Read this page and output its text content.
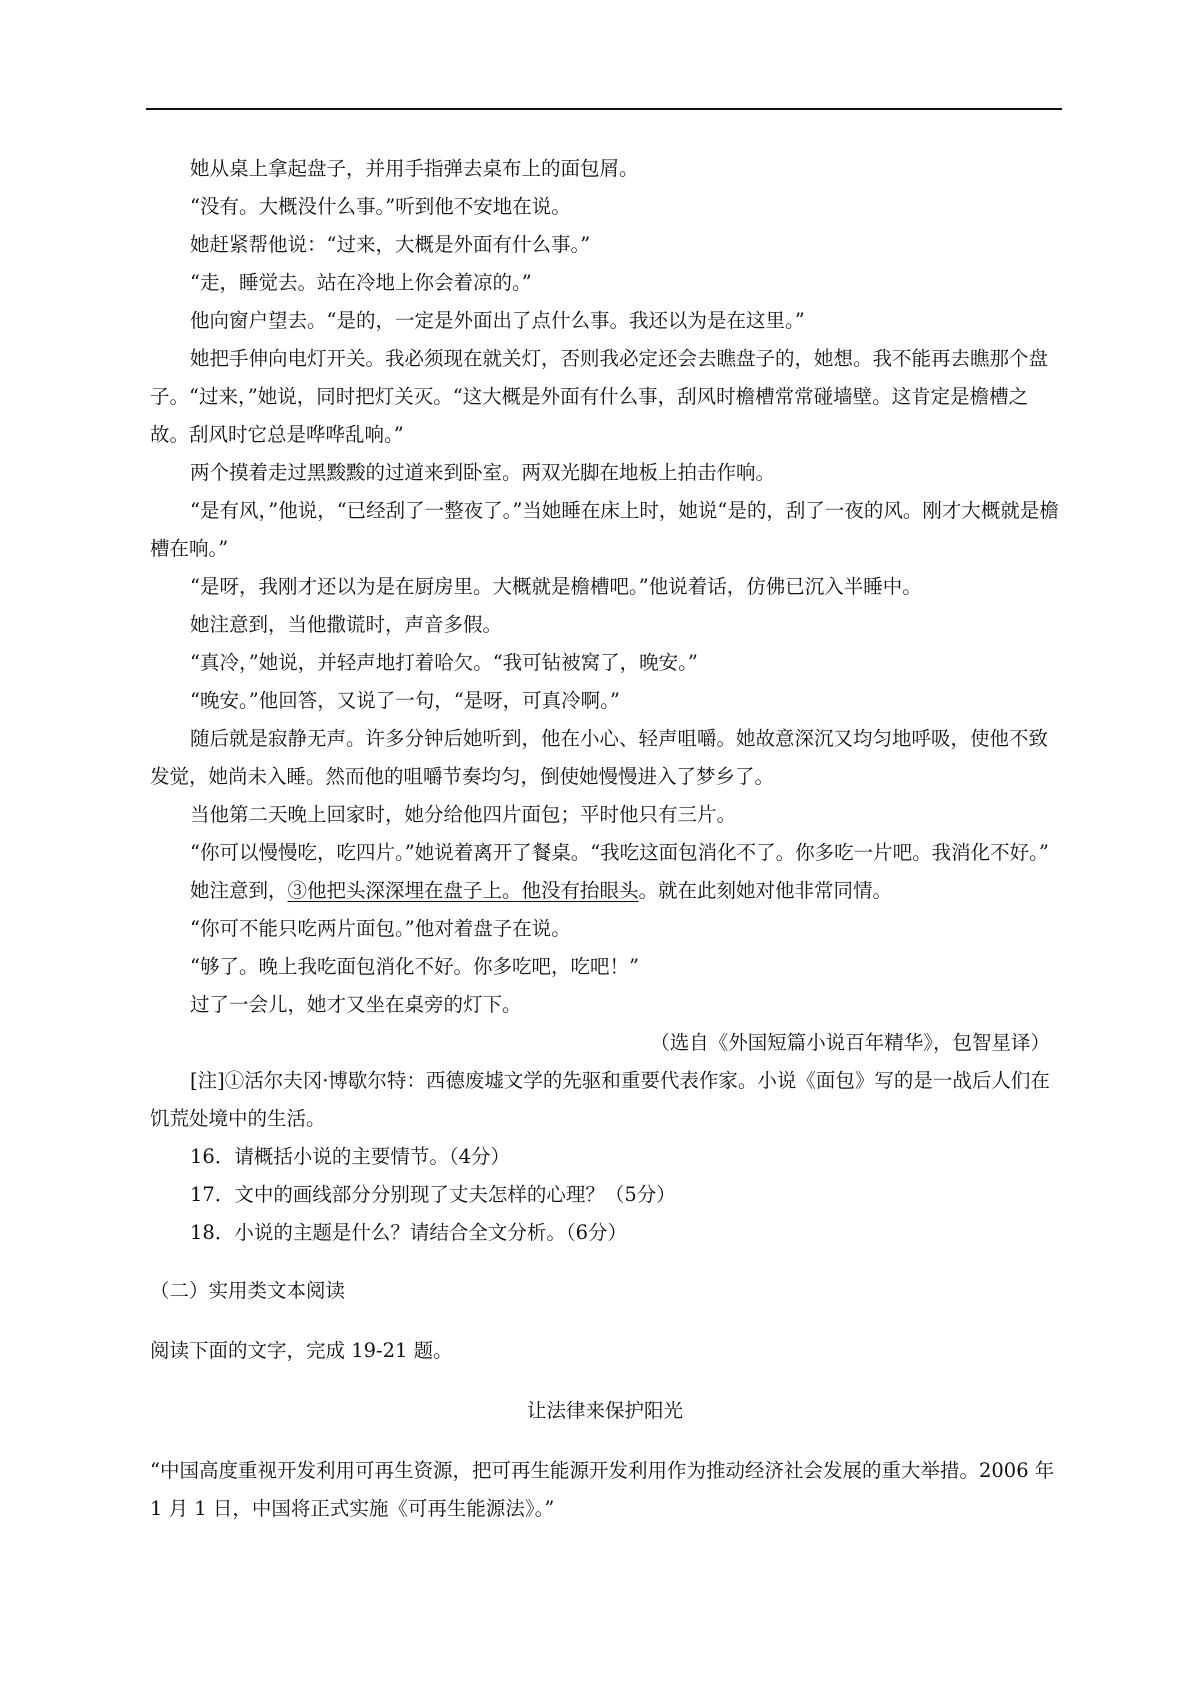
她从桌上拿起盘子，并用手指弹去桌布上的面包屑。

“没有。大概没什么事。”听到他不安地在说。

她赶紧帮他说：“过来，大概是外面有什么事。”

“走，睡觉去。站在冷地上你会着凉的。”

他向窗户望去。“是的，一定是外面出了点什么事。我还以为是在这里。”

她把手伸向电灯开关。我必须现在就关灯，否则我必定还会去瞧盘子的，她想。我不能再去瞧那个盘子。“过来，”她说，同时把灯关灭。“这大概是外面有什么事，刮风时檐槽常常碰墙壁。这肯定是檐槽之故。刮风时它总是哗哗乱响。”

两个摸着走过黑黢黢的过道来到卧室。两双光脚在地板上拍击作响。

“是有风，”他说，“已经刮了一整夜了。”当她睡在床上时，她说“是的，刮了一夜的风。刚才大概就是檐槽在响。”

“是呀，我刚才还以为是在厨房里。大概就是檐槽吧。”他说着话，仿佛已沉入半睡中。

她注意到，当他撒谎时，声音多假。

“真冷，”她说，并轻声地打着哈欠。“我可钻被窝了，晚安。”

“晚安。”他回答，又说了一句，“是呀，可真冷啊。”

随后就是寂静无声。许多分钟后她听到，他在小心、轻声咀嚼。她故意深沉又均匀地呼吸，使他不致发觉，她尚未入睡。然而他的咀嚼节奏均匀，倒使她慢慢进入了梦乡了。

当他第二天晚上回家时，她分给他四片面包；平时他只有三片。

“你可以慢慢吃，吃四片。”她说着离开了餐桌。“我吃这面包消化不了。你多吃一片吧。我消化不好。”

她注意到，③他把头深深埋在盘子上。他没有抬眼头。就在此刻她对他非常同情。

“你可不能只吃两片面包。”他对着盘子在说。

“够了。晚上我吃面包消化不好。你多吃吧，吃吧！”

过了一会儿，她才又坐在桌旁的灯下。

（选自《外国短篇小说百年精华》，包智星译）

[注]①活尔夫冈·博歇尔特：西德废墟文学的先驱和重要代表作家。小说《面包》写的是一战后人们在饥荒处境中的生活。

16．请概括小说的主要情节。（4分）

17．文中的画线部分分别现了丈夫怎样的心理？（5分）

18．小说的主题是什么？请结合全文分析。（6分）

（二）实用类文本阅读

阅读下面的文字，完成 19-21 题。

让法律来保护阳光

“中国高度重视开发利用可再生资源，把可再生能源开发利用作为推动经济社会发展的重大举措。2006 年 1 月 1 日，中国将正式实施《可再生能源法》。”
